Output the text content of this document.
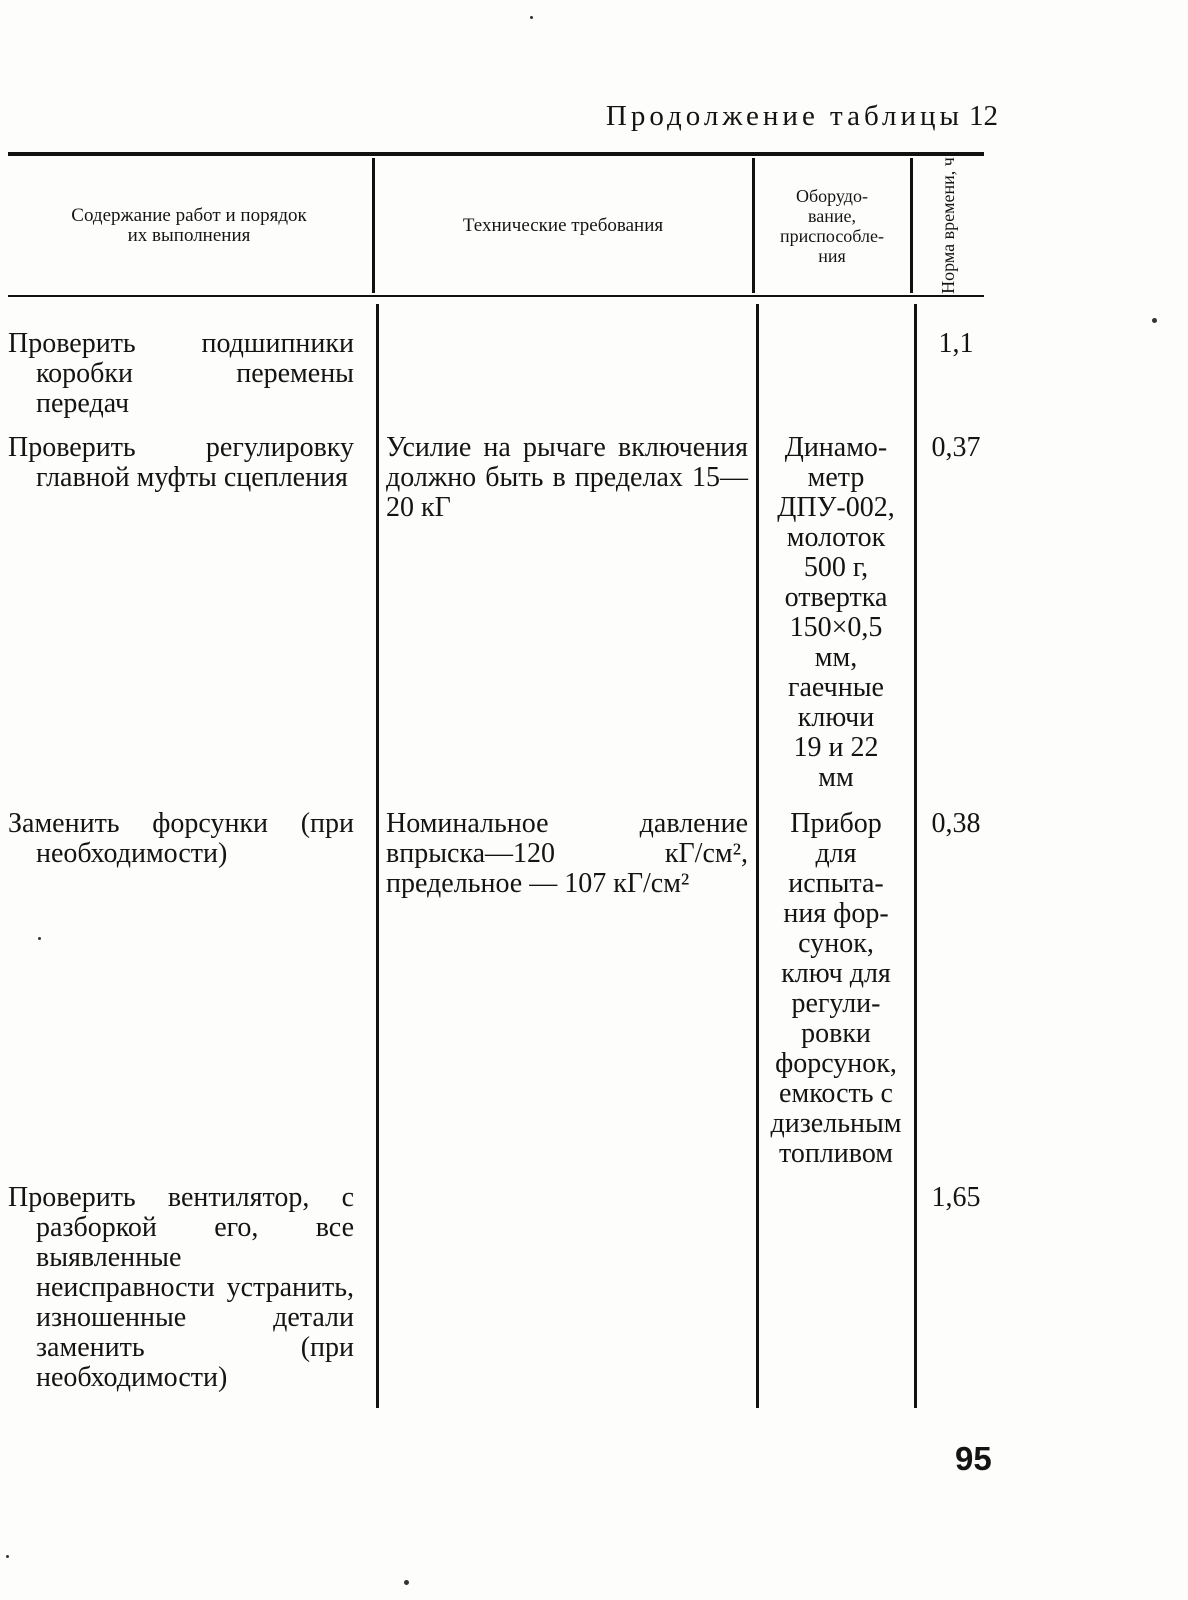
Продолжение таблицы 12
Содержание работ и порядок
их выполнения	Технические требования
Оборудо-
вание,
приспособле-
ния	Норма времени, ч
Проверить подшипники коробки перемены передач
1,1
Проверить регулировку главной муфты сцепления
Усилие на рычаге включения должно быть в пределах 15—20 кГ
Динамо-
метр
ДПУ-002,
молоток
500 г,
отвертка
150×0,5
мм,
гаечные
ключи
19 и 22
мм
0,37
Заменить форсунки (при необходимости)
Номинальное давление впрыска—120 кГ/см², предельное — 107 кГ/см²
Прибор
для
испыта-
ния фор-
сунок,
ключ для
регули-
ровки
форсунок,
емкость с
дизельным
топливом
0,38
Проверить вентилятор, с разборкой его, все выявленные неисправности устранить, изношенные детали заменить (при необходимости)
1,65
95
